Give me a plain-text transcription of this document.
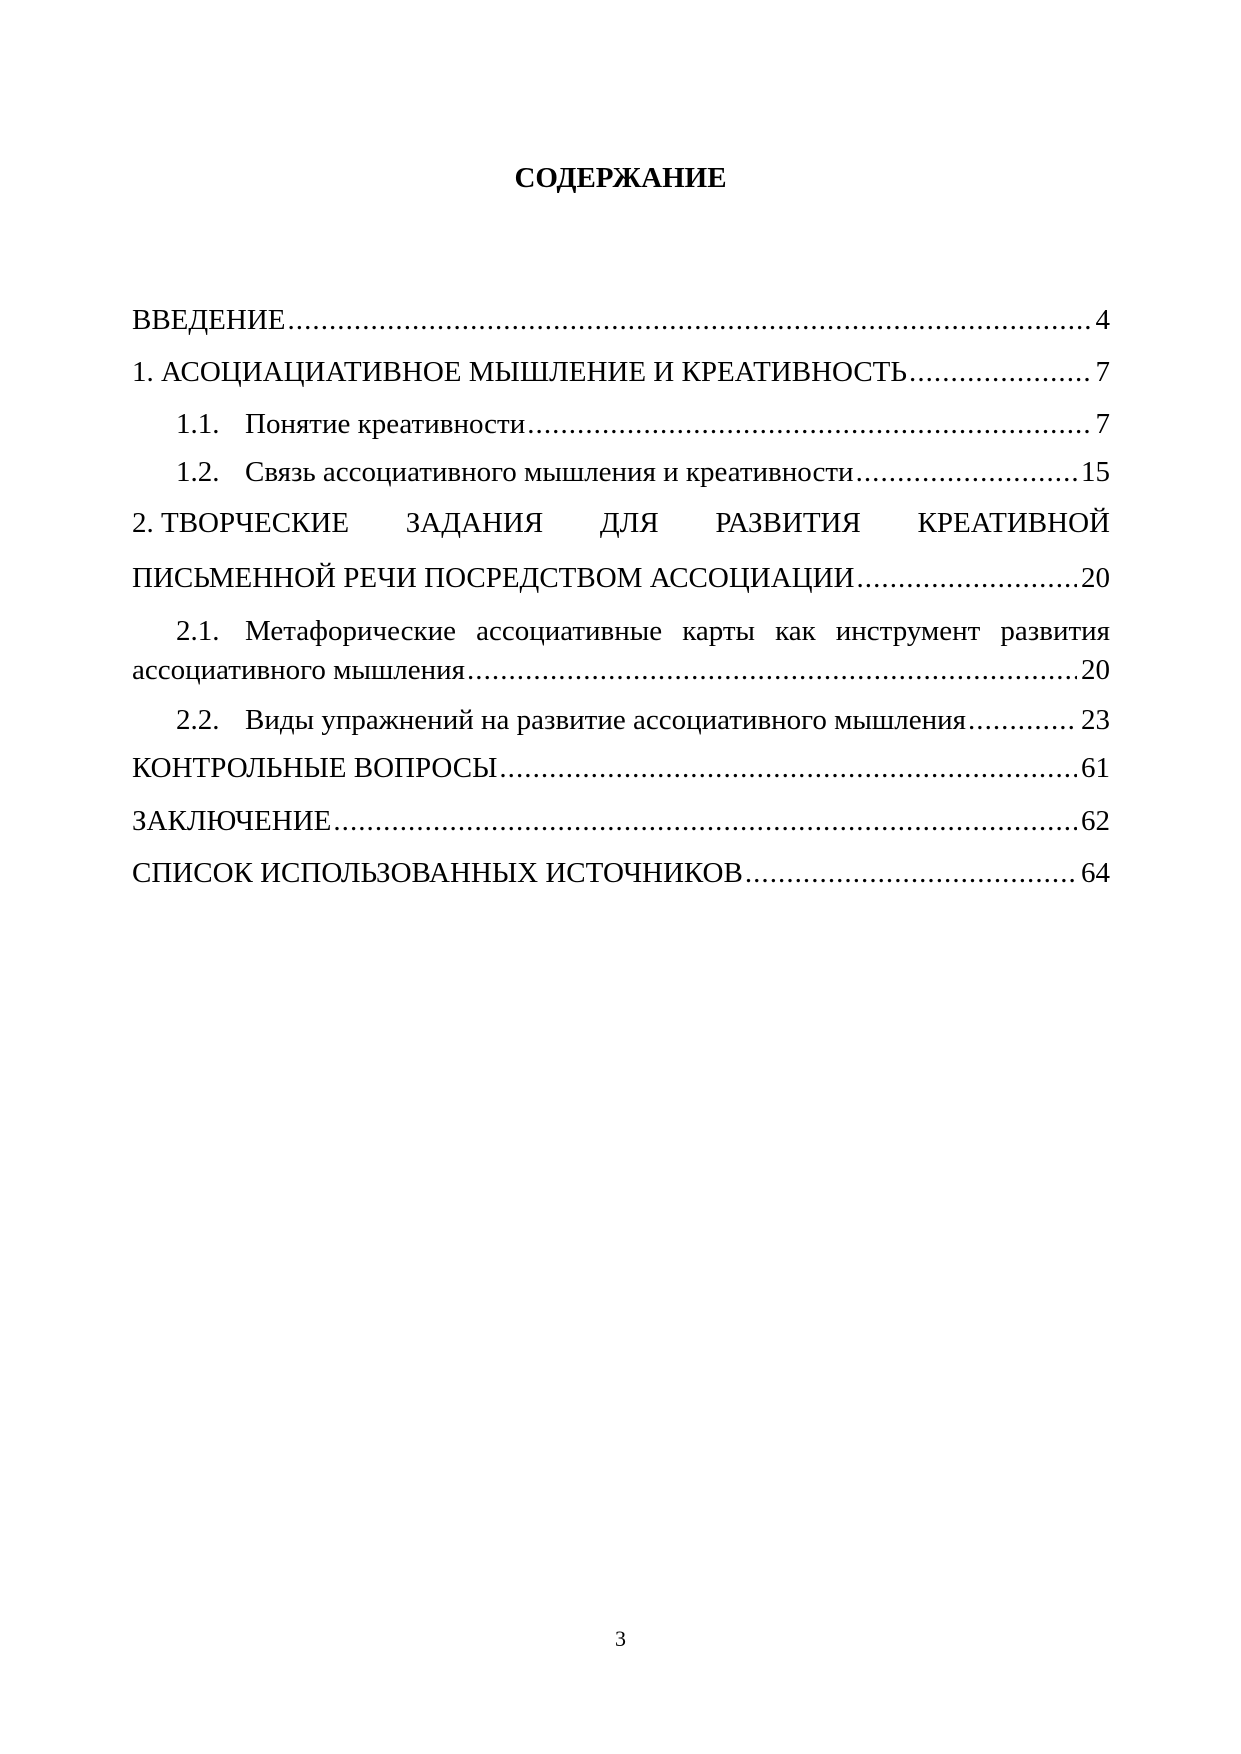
СОДЕРЖАНИЕ
ВВЕДЕНИЕ . . .	4
1. АСОЦИАЦИАТИВНОЕ МЫШЛЕНИЕ И КРЕАТИВНОСТЬ . . .	7
1.1. Понятие креативности . . .	7
1.2. Связь ассоциативного мышления и креативности . . .	15
2. ТВОРЧЕСКИЕ ЗАДАНИЯ ДЛЯ РАЗВИТИЯ КРЕАТИВНОЙ
ПИСЬМЕННОЙ РЕЧИ ПОСРЕДСТВОМ АССОЦИАЦИИ . . .	20
2.1. Метафорические ассоциативные карты как инструмент развития
ассоциативного мышления . . .	20
2.2. Виды упражнений на развитие ассоциативного мышления . . .	23
КОНТРОЛЬНЫЕ ВОПРОСЫ . . .	61
ЗАКЛЮЧЕНИЕ . . .	62
СПИСОК ИСПОЛЬЗОВАННЫХ ИСТОЧНИКОВ . . .	64
3
